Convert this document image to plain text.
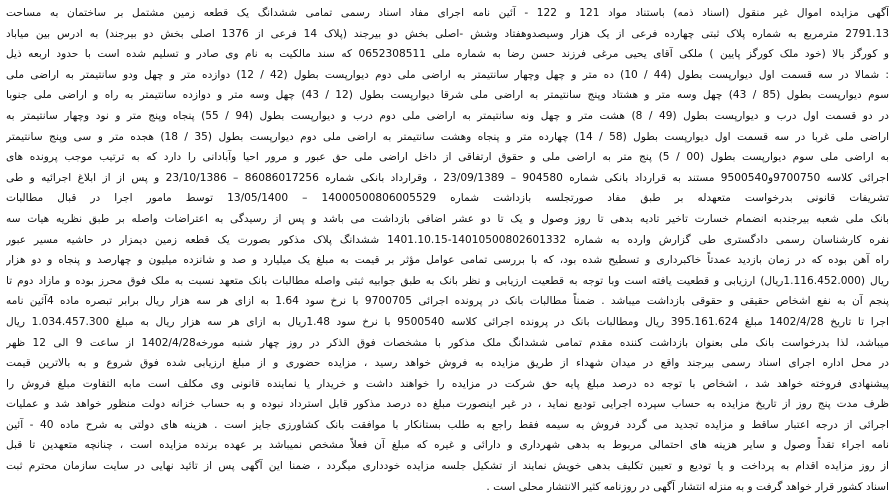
آگهی مزایده اموال غیر منقول (اسناد ذمه) باستناد مواد 121 و 122 - آئین نامه اجرای مفاد اسناد رسمی تمامی ششدانگ یک قطعه زمین مشتمل بر ساختمان به مساحت
2791.13 مترمربع به شماره پلاک ثبتی چهارده فرعی از یک هزار وسیصدوهفتاد وشش -اصلی بخش دو بیرجند (پلاک 14 فرعی از 1376 اصلی بخش دو بیرجند) به ادرس بین میاباد
و کورگز بالا (خود ملک کورگز پایین ) ملکی آقای یحیی مرغی فرزند حسن رضا به شماره ملی 0652308511 که سند مالکیت به نام وی صادر و تسلیم شده است با حدود اربعه ذیل
: شمالا در سه قسمت اول دیوارپست بطول (44 / 10) ده متر و چهل وچهار سانتیمتر به اراضی ملی دوم دیوارپست بطول (42 / 12) دوازده متر و چهل ودو سانتیمتر به اراضی ملی
سوم دیوارپست بطول (85 / 43) چهل وسه متر و هشتاد وپنج سانتیمتر به اراضی ملی شرقا دیوارپست بطول (12 / 43) چهل وسه متر و دوازده سانتیمتر به راه و اراضی ملی جنوبا
در دو قسمت اول درب و دیوارپست بطول (49 / 8) هشت متر و چهل ونه سانتیمتر به اراضی ملی دوم درب و دیوارپست بطول (94 / 55) پنجاه وپنج متر و نود وچهار سانتیمتر به
اراضی ملی غربا در سه قسمت اول دیوارپست بطول (58 / 14) چهارده متر و پنجاه وهشت سانتیمتر به اراضی ملی دوم دیوارپست بطول (35 / 18) هجده متر و سی وپنج سانتیمتر
به اراضی ملی سوم دیوارپست بطول (00 / 5) پنج متر به اراضی ملی و حقوق ارتفاقی از داخل اراضی ملی حق عبور و مرور احیا وآبادانی را دارد که به ترتیب موجب پرونده های
اجرائی کلاسه 9700750و9500540 مستند به قرارداد بانکی شماره 904580 – 23/09/1389 ، وقرارداد بانکی شماره 86086017256 – 23/10/1386 و پس از از ابلاغ اجرائیه و طی
تشریفات قانونی بدرخواست متعهدله بر طبق مفاد صورتجلسه بازداشت شماره 14000500806005529 – 13/05/1400 توسط مامور اجرا در قبال مطالبات
بانک ملی شعبه بیرجندبه انضمام خسارت تاخیر تادیه بدهی تا روز وصول و یک تا دو عشر اضافی بازداشت می باشد و پس از رسیدگی به اعتراضات واصله بر طبق نظریه هیات سه
نفره کارشناسان رسمی دادگستری طی گزارش وارده به شماره 14010500802601332-1401.10.15 ششدانگ پلاک مذکور بصورت یک قطعه زمین دیمزار در حاشیه مسیر عبور
راه آهن بوده که در زمان بازدید عمدتاً خاکبرداری و تسطیح شده بود، که با بررسی تمامی عوامل مؤثر بر قیمت به مبلغ یک میلیارد و صد و شانزده میلیون و چهارصد و پنجاه و دو هزار
ریال (1.116.452.000ریال) ارزیابی و قطعیت یافته است وبا توجه به قطعیت ارزیابی و نظر بانک به طبق جوابیه ثبتی واصله مطالبات بانک متعهد نسبت به ملک فوق محرز بوده و مازاد دوم تا
پنجم آن به نفع اشخاص حقیقی و حقوقی بازداشت میباشد . ضمناً مطالبات بانک در پرونده اجرائی 9700705 با نرخ سود 1.64 به ازای هر سه هزار ریال برابر تبصره ماده 4آئین نامه
اجرا تا تاریخ 1402/4/28 مبلغ 395.161.624 ریال ومطالبات بانک در پرونده اجرائی کلاسه 9500540 با نرخ سود 1.48ریال به ازای هر سه هزار ریال به مبلغ 1.034.457.300 ریال
میباشد، لذا بدرخواست بانک ملی بعنوان بازداشت کننده مقدم تمامی ششدانگ ملک مذکور با مشخصات فوق الذکر در روز چهار شنبه مورخه1402/4/28 از ساعت 9 الی 12 ظهر
در محل اداره اجرای اسناد رسمی بیرجند واقع در میدان شهداء از طریق مزایده به فروش خواهد رسید ، مزایده حضوری و از مبلغ ارزیابی شده فوق شروع و به بالاترین قیمت
پیشنهادی فروخته خواهد شد ، اشخاص با توجه ده درصد مبلغ پایه حق شرکت در مزایده را خواهند داشت و خریدار یا نماینده قانونی وی مکلف است مابه التفاوت مبلغ فروش را
ظرف مدت پنج روز از تاریخ مزایده به حساب سپرده اجرایی تودیع نماید ، در غیر اینصورت مبلغ ده درصد مذکور قابل استرداد نبوده و به حساب خزانه دولت منظور خواهد شد و عملیات
اجرائی از درجه اعتبار ساقط و مزایده تجدید می گردد فروش به سیمه فقط راجع به طلب بستانکار با موافقت بانک کشاورزی جایز است . هزینه های دولتی به شرح ماده 40 - آئین
نامه اجراء تقداً وصول و سایر هزینه های احتمالی مربوط به بدهی شهرداری و دارائی و غیره که مبلغ آن فعلاً مشخص نمیباشد بر عهده برنده مزایده است ، چنانچه متعهدین تا قبل
از روز مزایده اقدام به پرداخت و یا تودیع و تعیین تکلیف بدهی خویش نمایند از تشکیل جلسه مزایده خودداری میگردد ، ضمنا این آگهی پس از تائید نهایی در سایت سازمان محترم ثبت
اسناد کشور قرار خواهد گرفت و به منزله انتشار آگهی در روزنامه کثیر الانتشار محلی است .
